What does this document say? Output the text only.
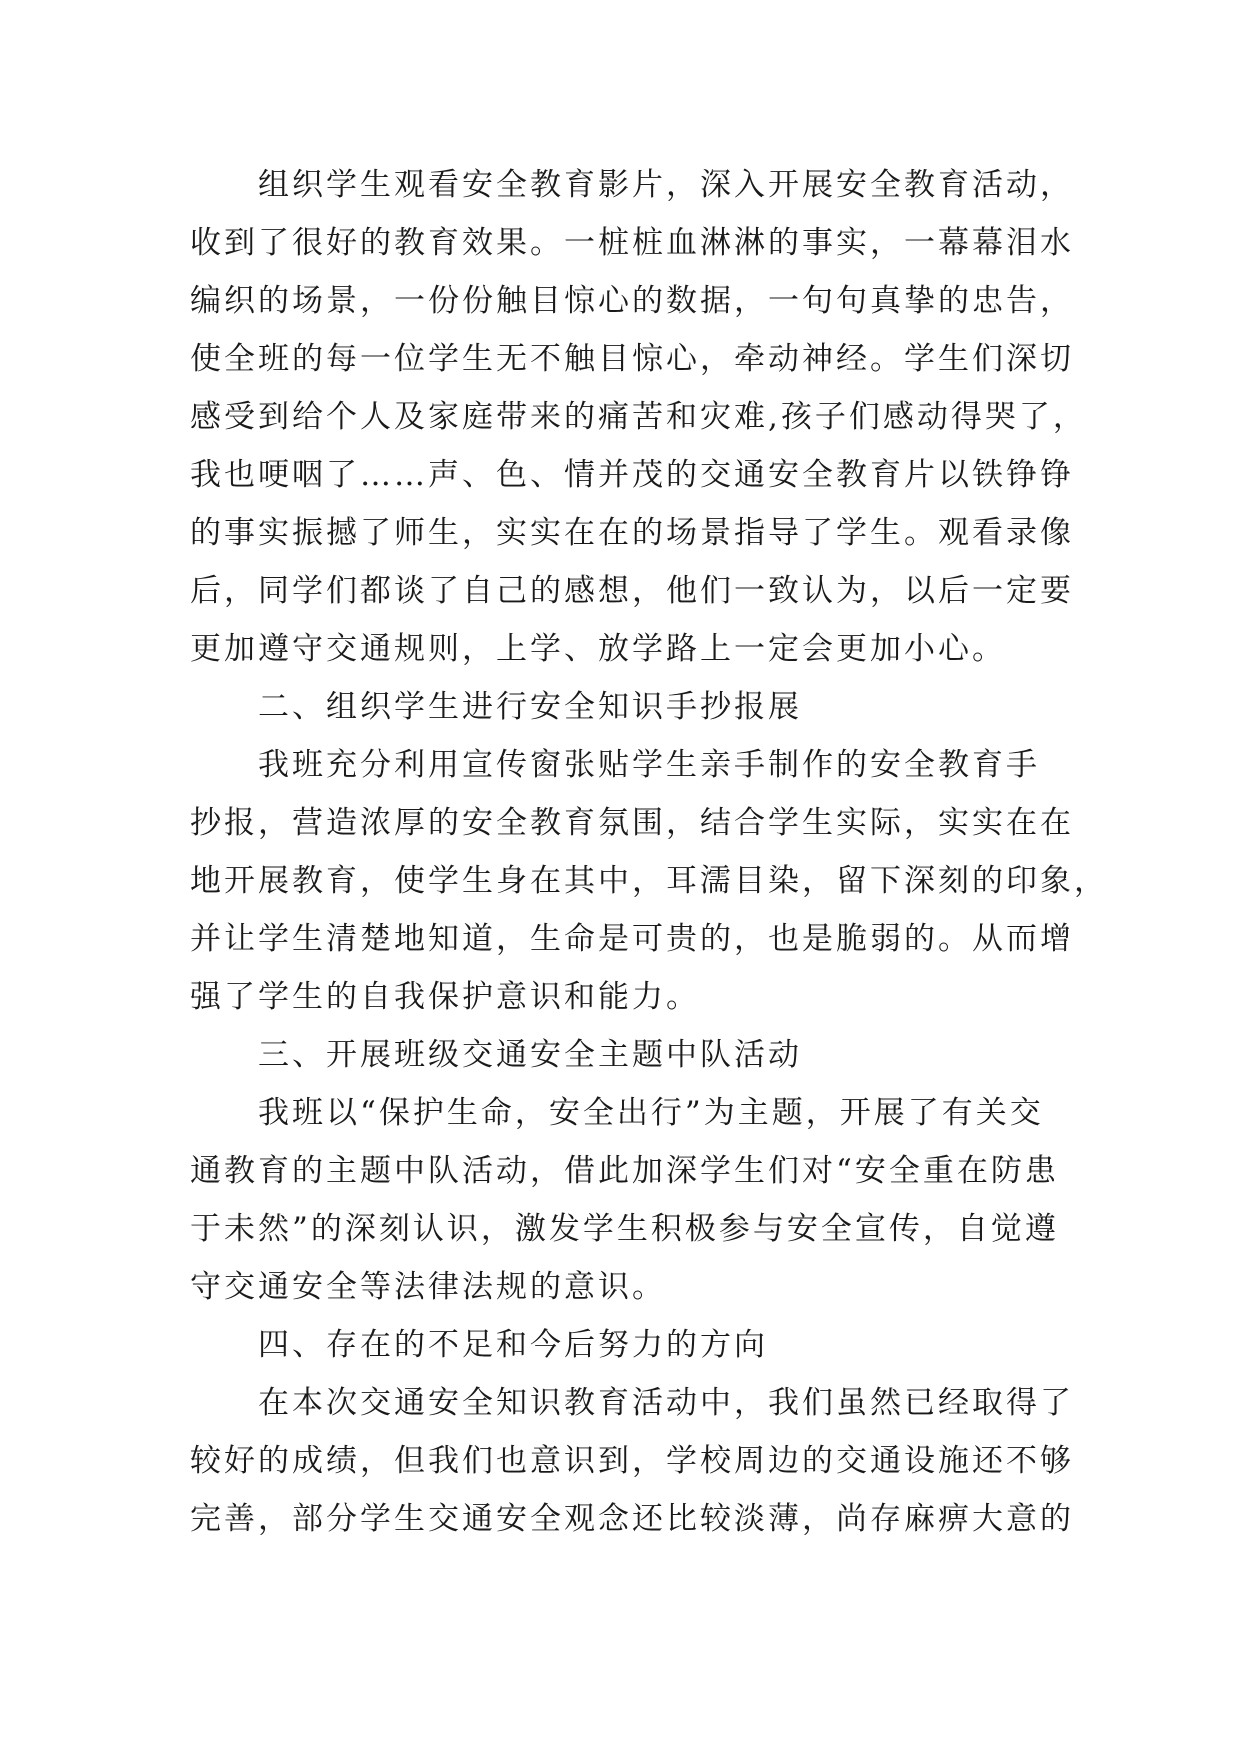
组织学生观看安全教育影片，深入开展安全教育活动，
收到了很好的教育效果。一桩桩血淋淋的事实，一幕幕泪水
编织的场景，一份份触目惊心的数据，一句句真挚的忠告，
使全班的每一位学生无不触目惊心，牵动神经。学生们深切
感受到给个人及家庭带来的痛苦和灾难,孩子们感动得哭了，
我也哽咽了……声、色、情并茂的交通安全教育片以铁铮铮
的事实振撼了师生，实实在在的场景指导了学生。观看录像
后，同学们都谈了自己的感想，他们一致认为，以后一定要
更加遵守交通规则，上学、放学路上一定会更加小心。
二、组织学生进行安全知识手抄报展
我班充分利用宣传窗张贴学生亲手制作的安全教育手
抄报，营造浓厚的安全教育氛围，结合学生实际，实实在在
地开展教育，使学生身在其中，耳濡目染，留下深刻的印象，
并让学生清楚地知道，生命是可贵的，也是脆弱的。从而增
强了学生的自我保护意识和能力。
三、开展班级交通安全主题中队活动
我班以“保护生命，安全出行”为主题，开展了有关交
通教育的主题中队活动，借此加深学生们对“安全重在防患
于未然”的深刻认识，激发学生积极参与安全宣传，自觉遵
守交通安全等法律法规的意识。
四、存在的不足和今后努力的方向
在本次交通安全知识教育活动中，我们虽然已经取得了
较好的成绩，但我们也意识到，学校周边的交通设施还不够
完善，部分学生交通安全观念还比较淡薄，尚存麻痹大意的
